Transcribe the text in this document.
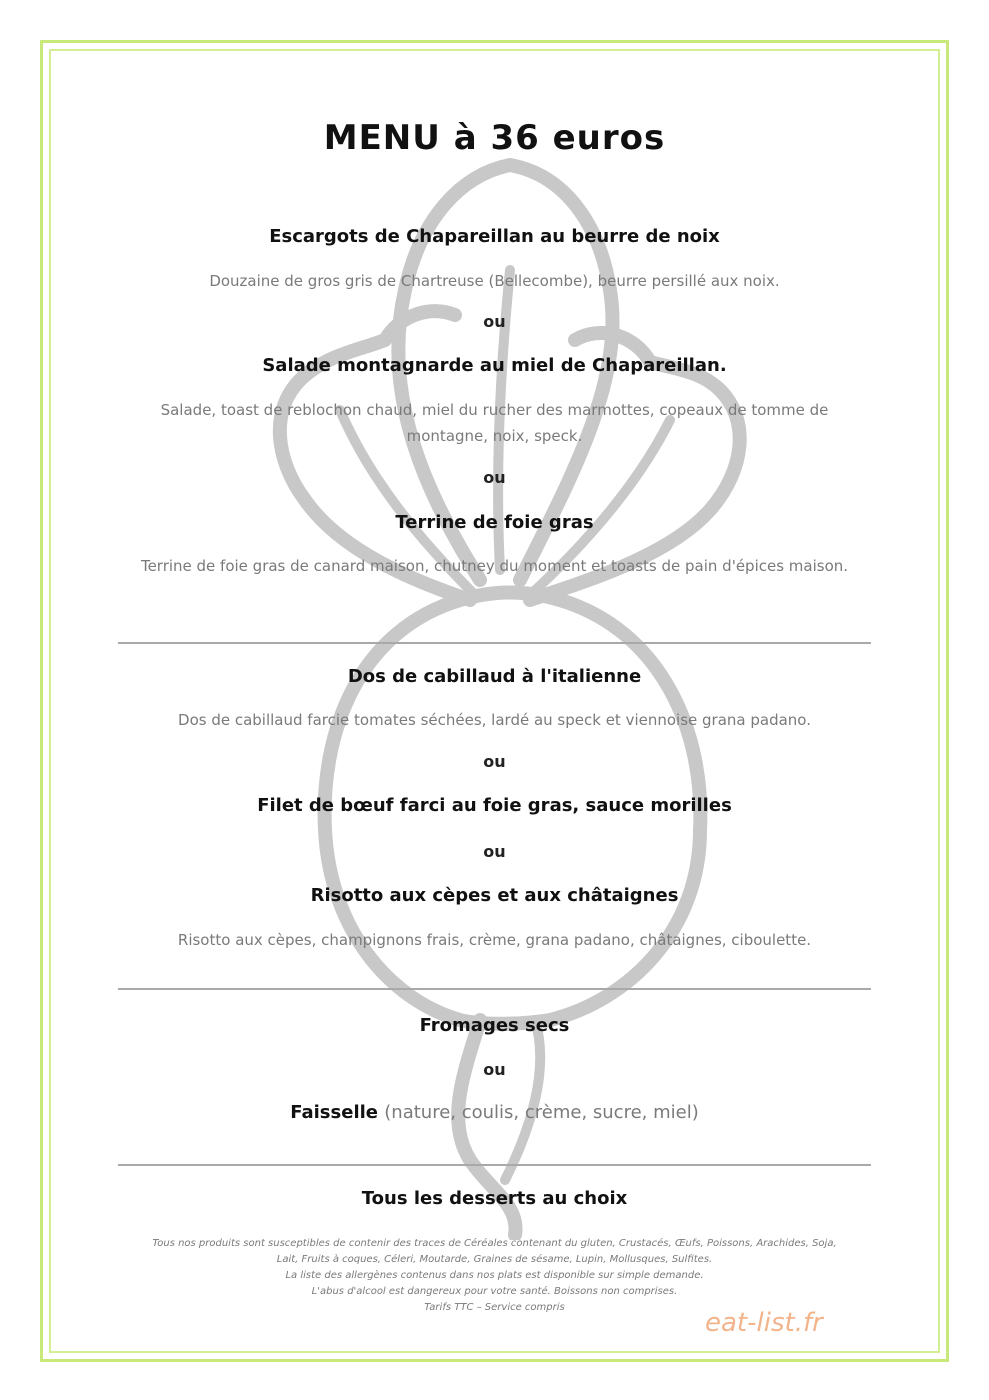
MENU à 36 euros
Escargots de Chapareillan au beurre de noix
Douzaine de gros gris de Chartreuse (Bellecombe), beurre persillé aux noix.
ou
Salade montagnarde au miel de Chapareillan.
Salade, toast de reblochon chaud, miel du rucher des marmottes, copeaux de tomme de montagne, noix, speck.
ou
Terrine de foie gras
Terrine de foie gras de canard maison, chutney du moment et toasts de pain d'épices maison.
Dos de cabillaud à l'italienne
Dos de cabillaud farcie tomates séchées, lardé au speck et viennoise grana padano.
ou
Filet de bœuf farci au foie gras, sauce morilles
ou
Risotto aux cèpes et aux châtaignes
Risotto aux cèpes, champignons frais, crème, grana padano, châtaignes, ciboulette.
Fromages secs
ou
Faisselle (nature, coulis, crème, sucre, miel)
Tous les desserts au choix
Tous nos produits sont susceptibles de contenir des traces de Céréales contenant du gluten, Crustacés, Œufs, Poissons, Arachides, Soja,
Lait, Fruits à coques, Céleri, Moutarde, Graines de sésame, Lupin, Mollusques, Sulfites.
La liste des allergènes contenus dans nos plats est disponible sur simple demande.
L'abus d'alcool est dangereux pour votre santé. Boissons non comprises.
Tarifs TTC – Service compris
eat-list.fr
